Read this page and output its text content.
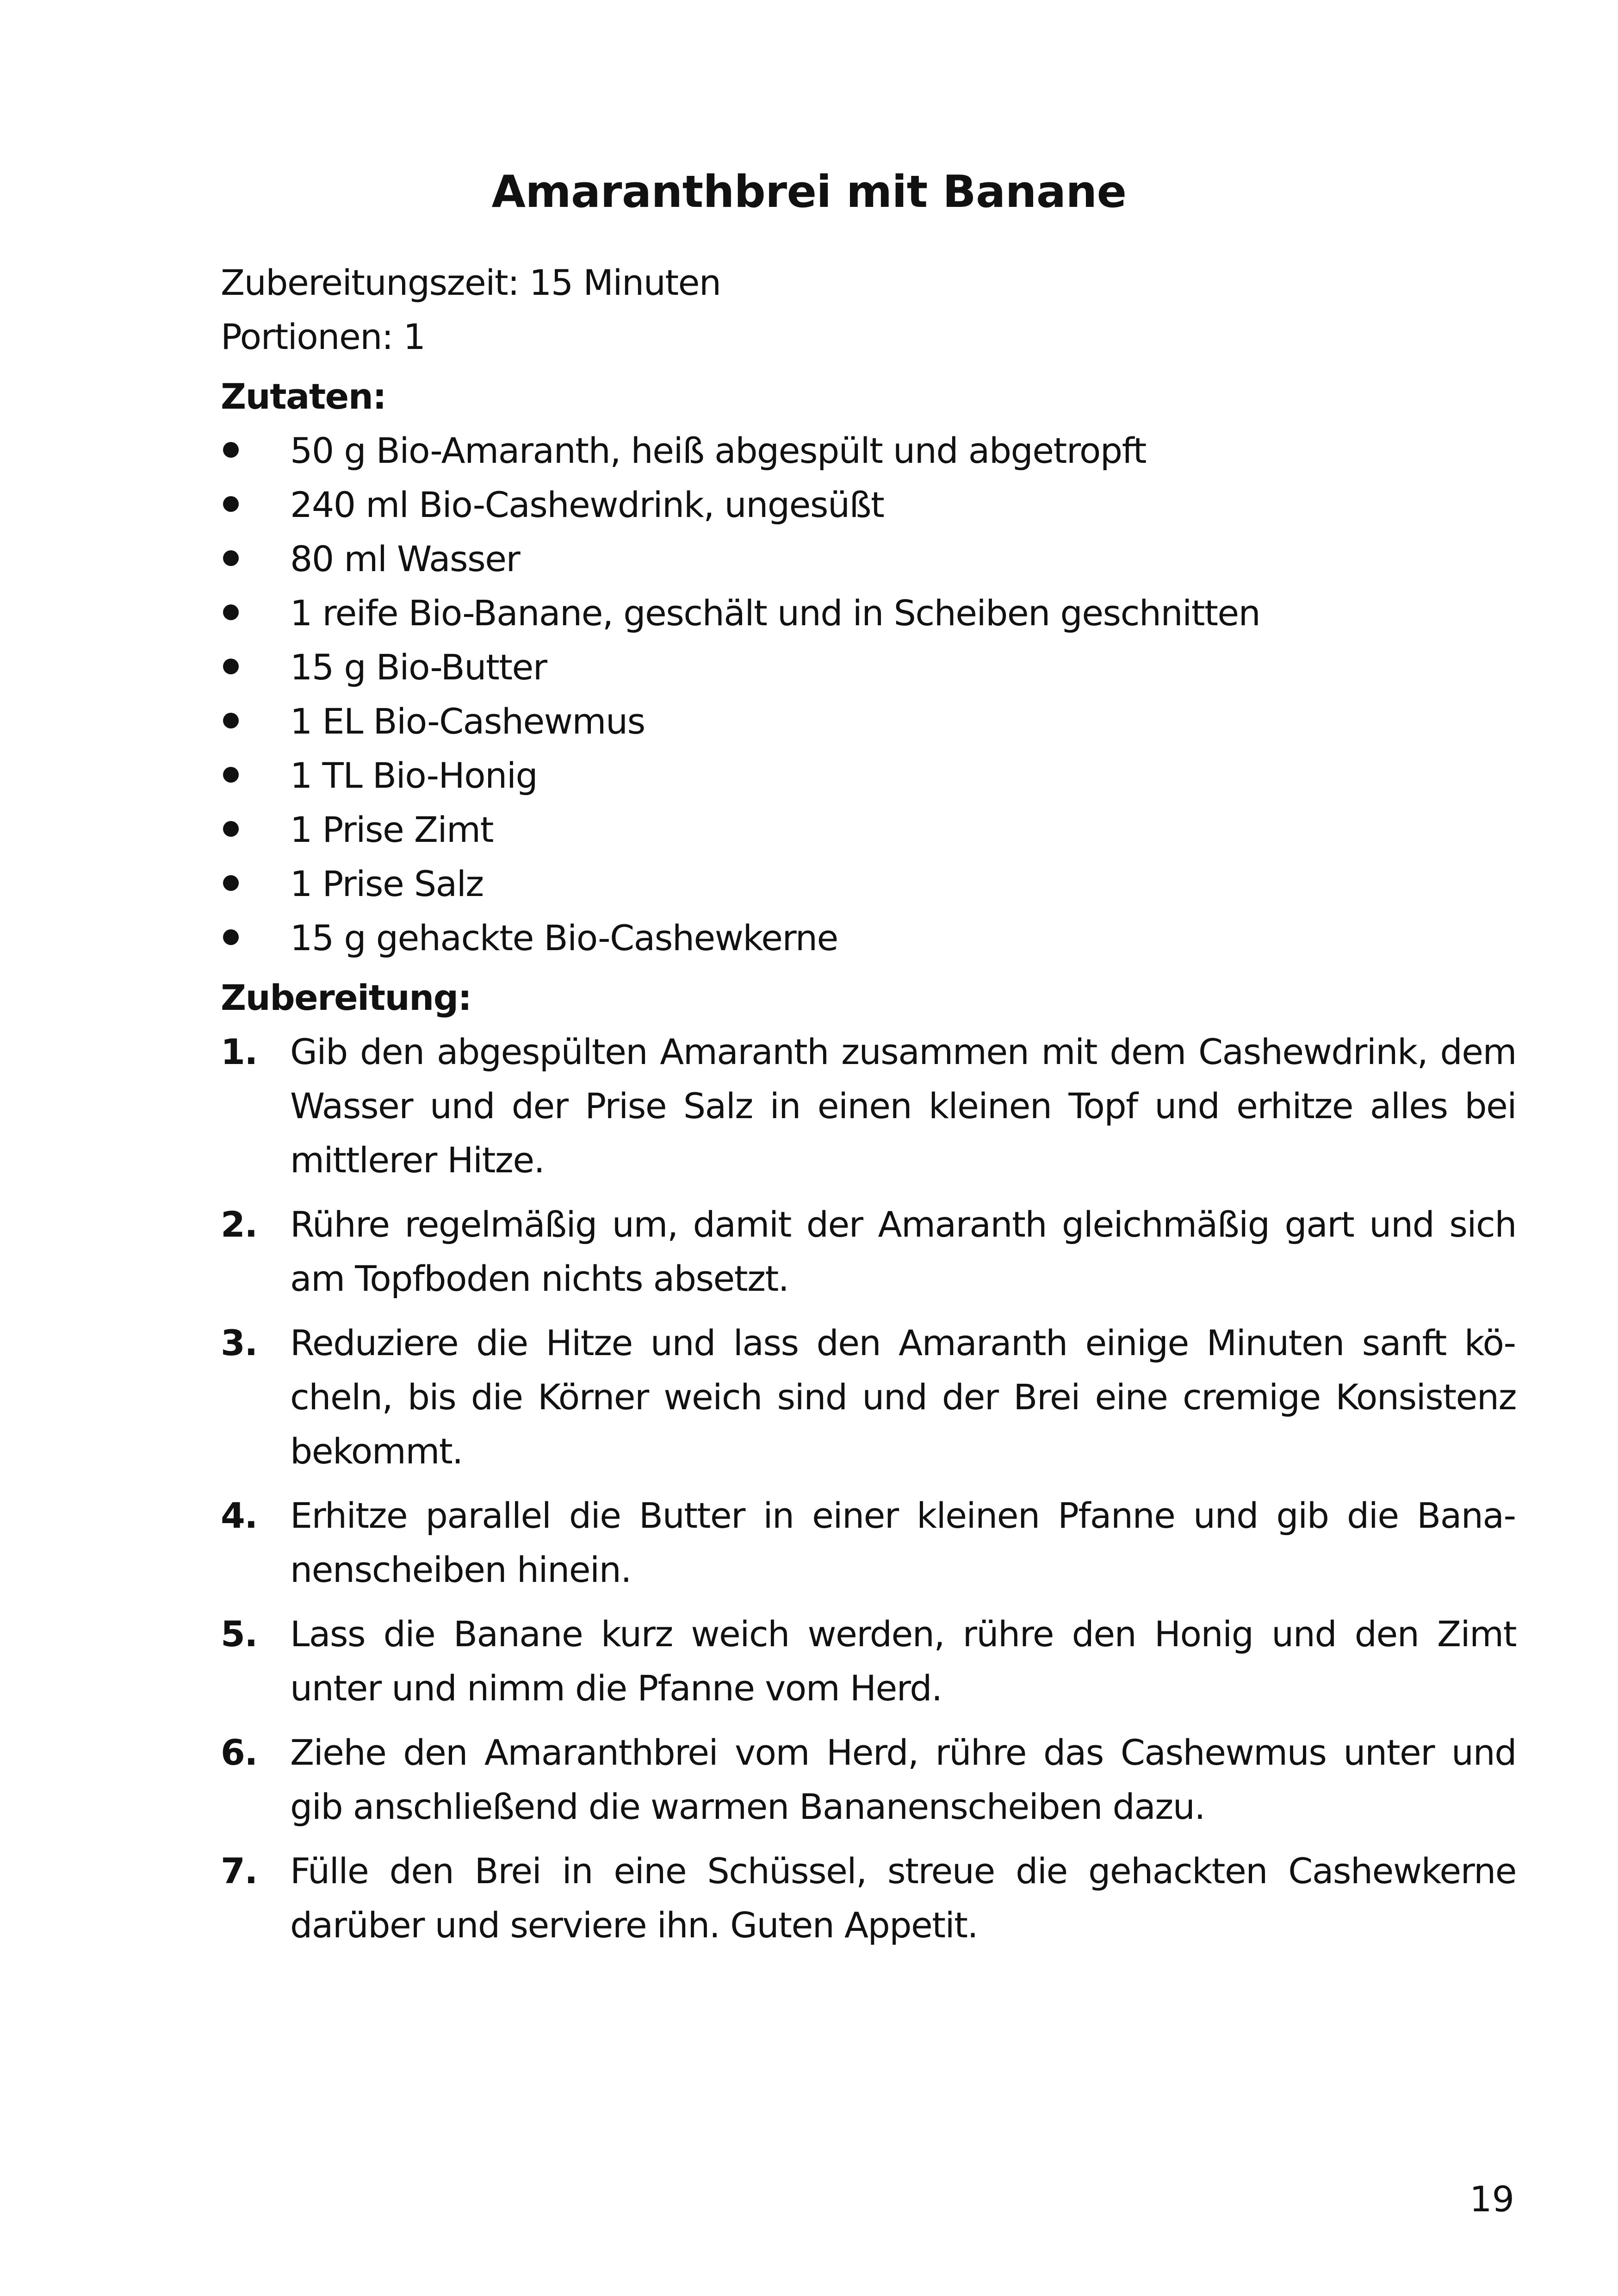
Amaranthbrei mit Banane

Zubereitungszeit: 15 Minuten

Portionen: 1

Zutaten:

50 g Bio-Amaranth, heiß abgespült und abgetropft
240 ml Bio-Cashewdrink, ungesüßt
80 ml Wasser
1 reife Bio-Banane, geschält und in Scheiben geschnitten
15 g Bio-Butter
1 EL Bio-Cashewmus
1 TL Bio-Honig
1 Prise Zimt
1 Prise Salz
15 g gehackte Bio-Cashewkerne

Zubereitung:

1. Gib den abgespülten Amaranth zusammen mit dem Cashewdrink, dem Wasser und der Prise Salz in einen kleinen Topf und erhitze alles bei mittlerer Hitze.
2. Rühre regelmäßig um, damit der Amaranth gleichmäßig gart und sich am Topfboden nichts absetzt.
3. Reduziere die Hitze und lass den Amaranth einige Minuten sanft köcheln, bis die Körner weich sind und der Brei eine cremige Konsistenz bekommt.
4. Erhitze parallel die Butter in einer kleinen Pfanne und gib die Bananenscheiben hinein.
5. Lass die Banane kurz weich werden, rühre den Honig und den Zimt unter und nimm die Pfanne vom Herd.
6. Ziehe den Amaranthbrei vom Herd, rühre das Cashewmus unter und gib anschließend die warmen Bananenscheiben dazu.
7. Fülle den Brei in eine Schüssel, streue die gehackten Cashewkerne darüber und serviere ihn. Guten Appetit.

19
